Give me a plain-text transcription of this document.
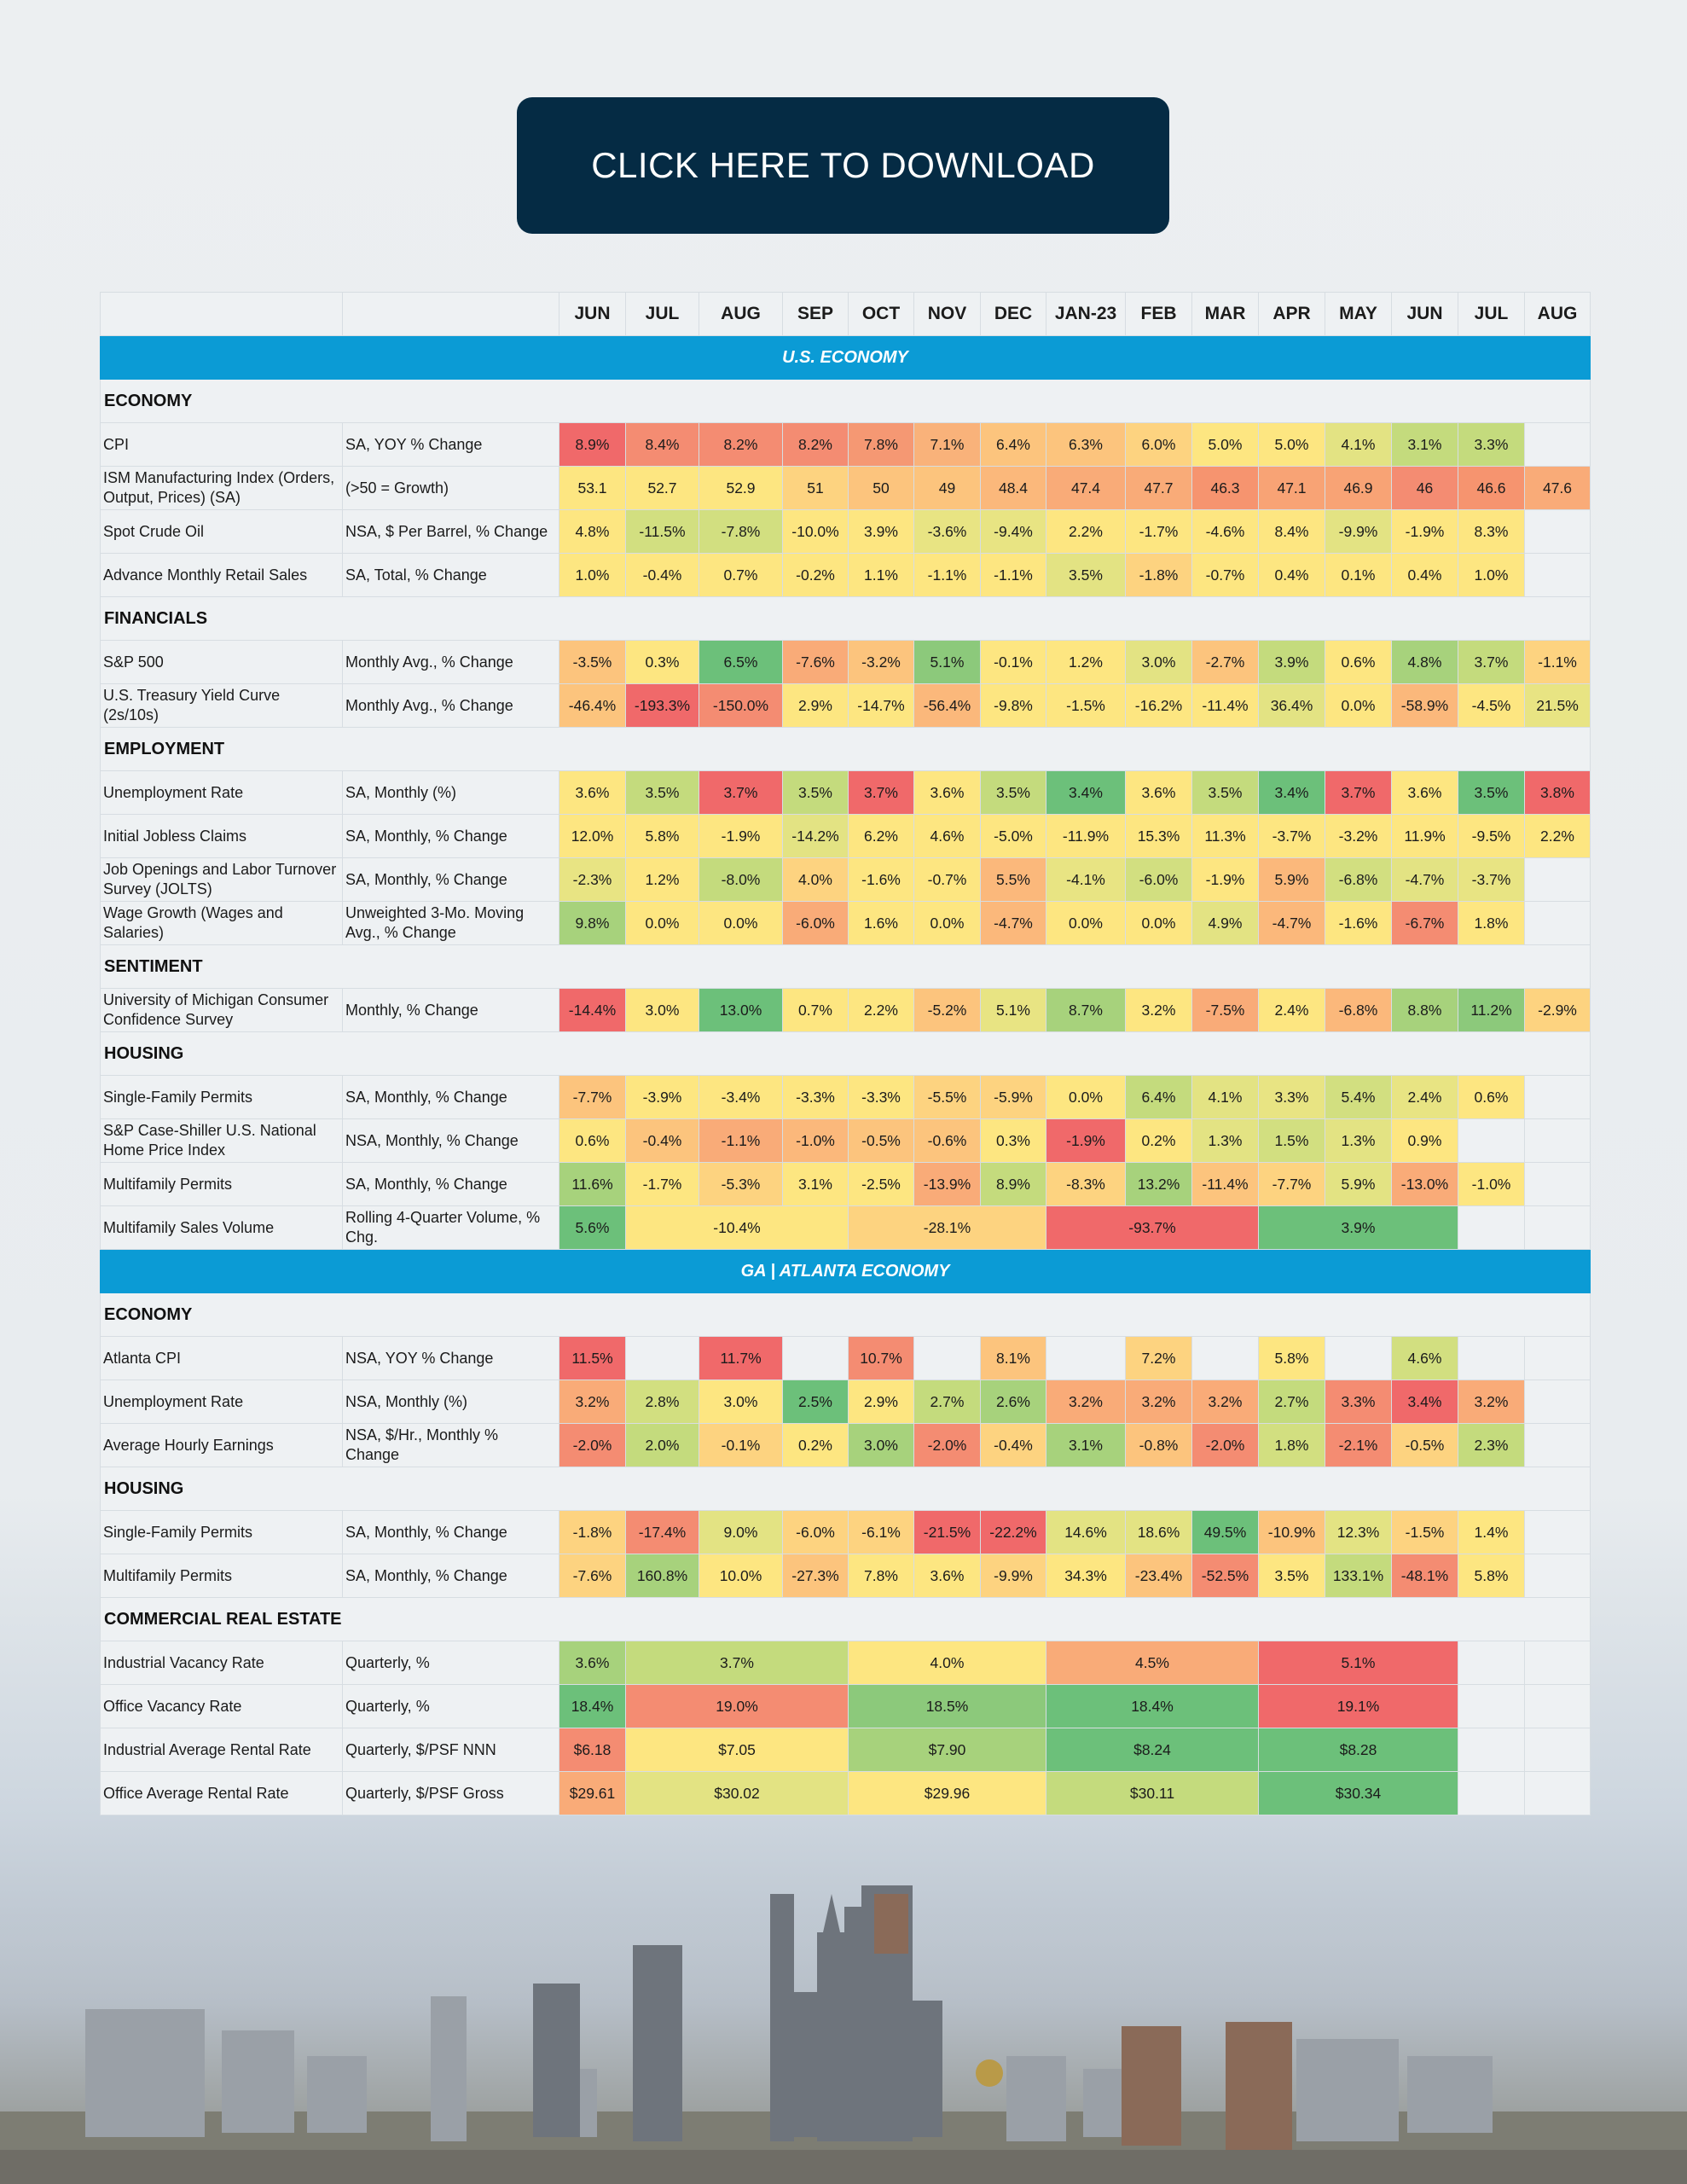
CLICK HERE TO DOWNLOAD
		JUN	JUL	AUG	SEP	OCT	NOV	DEC	JAN-23	FEB	MAR	APR	MAY	JUN	JUL	AUG
U.S. ECONOMY																
ECONOMY																
CPI	SA, YOY % Change	8.9%	8.4%	8.2%	8.2%	7.8%	7.1%	6.4%	6.3%	6.0%	5.0%	5.0%	4.1%	3.1%	3.3%	
ISM Manufacturing Index (Orders, Output, Prices) (SA)	(>50 = Growth)	53.1	52.7	52.9	51	50	49	48.4	47.4	47.7	46.3	47.1	46.9	46	46.6	47.6
Spot Crude Oil	NSA, $ Per Barrel, % Change	4.8%	-11.5%	-7.8%	-10.0%	3.9%	-3.6%	-9.4%	2.2%	-1.7%	-4.6%	8.4%	-9.9%	-1.9%	8.3%	
Advance Monthly Retail Sales	SA, Total, % Change	1.0%	-0.4%	0.7%	-0.2%	1.1%	-1.1%	-1.1%	3.5%	-1.8%	-0.7%	0.4%	0.1%	0.4%	1.0%	
FINANCIALS																
S&P 500	Monthly Avg., % Change	-3.5%	0.3%	6.5%	-7.6%	-3.2%	5.1%	-0.1%	1.2%	3.0%	-2.7%	3.9%	0.6%	4.8%	3.7%	-1.1%
U.S. Treasury Yield Curve (2s/10s)	Monthly Avg., % Change	-46.4%	-193.3%	-150.0%	2.9%	-14.7%	-56.4%	-9.8%	-1.5%	-16.2%	-11.4%	36.4%	0.0%	-58.9%	-4.5%	21.5%
EMPLOYMENT																
Unemployment Rate	SA, Monthly (%)	3.6%	3.5%	3.7%	3.5%	3.7%	3.6%	3.5%	3.4%	3.6%	3.5%	3.4%	3.7%	3.6%	3.5%	3.8%
Initial Jobless Claims	SA, Monthly, % Change	12.0%	5.8%	-1.9%	-14.2%	6.2%	4.6%	-5.0%	-11.9%	15.3%	11.3%	-3.7%	-3.2%	11.9%	-9.5%	2.2%
Job Openings and Labor Turnover Survey (JOLTS)	SA, Monthly, % Change	-2.3%	1.2%	-8.0%	4.0%	-1.6%	-0.7%	5.5%	-4.1%	-6.0%	-1.9%	5.9%	-6.8%	-4.7%	-3.7%	
Wage Growth (Wages and Salaries)	Unweighted 3-Mo. Moving Avg., % Change	9.8%	0.0%	0.0%	-6.0%	1.6%	0.0%	-4.7%	0.0%	0.0%	4.9%	-4.7%	-1.6%	-6.7%	1.8%	
SENTIMENT																
University of Michigan Consumer Confidence Survey	Monthly, % Change	-14.4%	3.0%	13.0%	0.7%	2.2%	-5.2%	5.1%	8.7%	3.2%	-7.5%	2.4%	-6.8%	8.8%	11.2%	-2.9%
HOUSING																
Single-Family Permits	SA, Monthly, % Change	-7.7%	-3.9%	-3.4%	-3.3%	-3.3%	-5.5%	-5.9%	0.0%	6.4%	4.1%	3.3%	5.4%	2.4%	0.6%	
S&P Case-Shiller U.S. National Home Price Index	NSA, Monthly, % Change	0.6%	-0.4%	-1.1%	-1.0%	-0.5%	-0.6%	0.3%	-1.9%	0.2%	1.3%	1.5%	1.3%	0.9%		
Multifamily Permits	SA, Monthly, % Change	11.6%	-1.7%	-5.3%	3.1%	-2.5%	-13.9%	8.9%	-8.3%	13.2%	-11.4%	-7.7%	5.9%	-13.0%	-1.0%	
Multifamily Sales Volume	Rolling 4-Quarter Volume, % Chg.	5.6%	-10.4%			-28.1%			-93.7%			3.9%				
GA | ATLANTA ECONOMY																
ECONOMY																
Atlanta CPI	NSA, YOY % Change	11.5%		11.7%		10.7%		8.1%		7.2%		5.8%		4.6%		
Unemployment Rate	NSA, Monthly (%)	3.2%	2.8%	3.0%	2.5%	2.9%	2.7%	2.6%	3.2%	3.2%	3.2%	2.7%	3.3%	3.4%	3.2%	
Average Hourly Earnings	NSA, $/Hr., Monthly % Change	-2.0%	2.0%	-0.1%	0.2%	3.0%	-2.0%	-0.4%	3.1%	-0.8%	-2.0%	1.8%	-2.1%	-0.5%	2.3%	
HOUSING																
Single-Family Permits	SA, Monthly, % Change	-1.8%	-17.4%	9.0%	-6.0%	-6.1%	-21.5%	-22.2%	14.6%	18.6%	49.5%	-10.9%	12.3%	-1.5%	1.4%	
Multifamily Permits	SA, Monthly, % Change	-7.6%	160.8%	10.0%	-27.3%	7.8%	3.6%	-9.9%	34.3%	-23.4%	-52.5%	3.5%	133.1%	-48.1%	5.8%	
COMMERCIAL REAL ESTATE																
Industrial Vacancy Rate	Quarterly, %	3.6%	3.7%			4.0%			4.5%			5.1%				
Office Vacancy Rate	Quarterly, %	18.4%	19.0%			18.5%			18.4%			19.1%				
Industrial Average Rental Rate	Quarterly, $/PSF NNN	$6.18	$7.05			$7.90			$8.24			$8.28				
Office Average Rental Rate	Quarterly, $/PSF Gross	$29.61	$30.02			$29.96			$30.11			$30.34				
